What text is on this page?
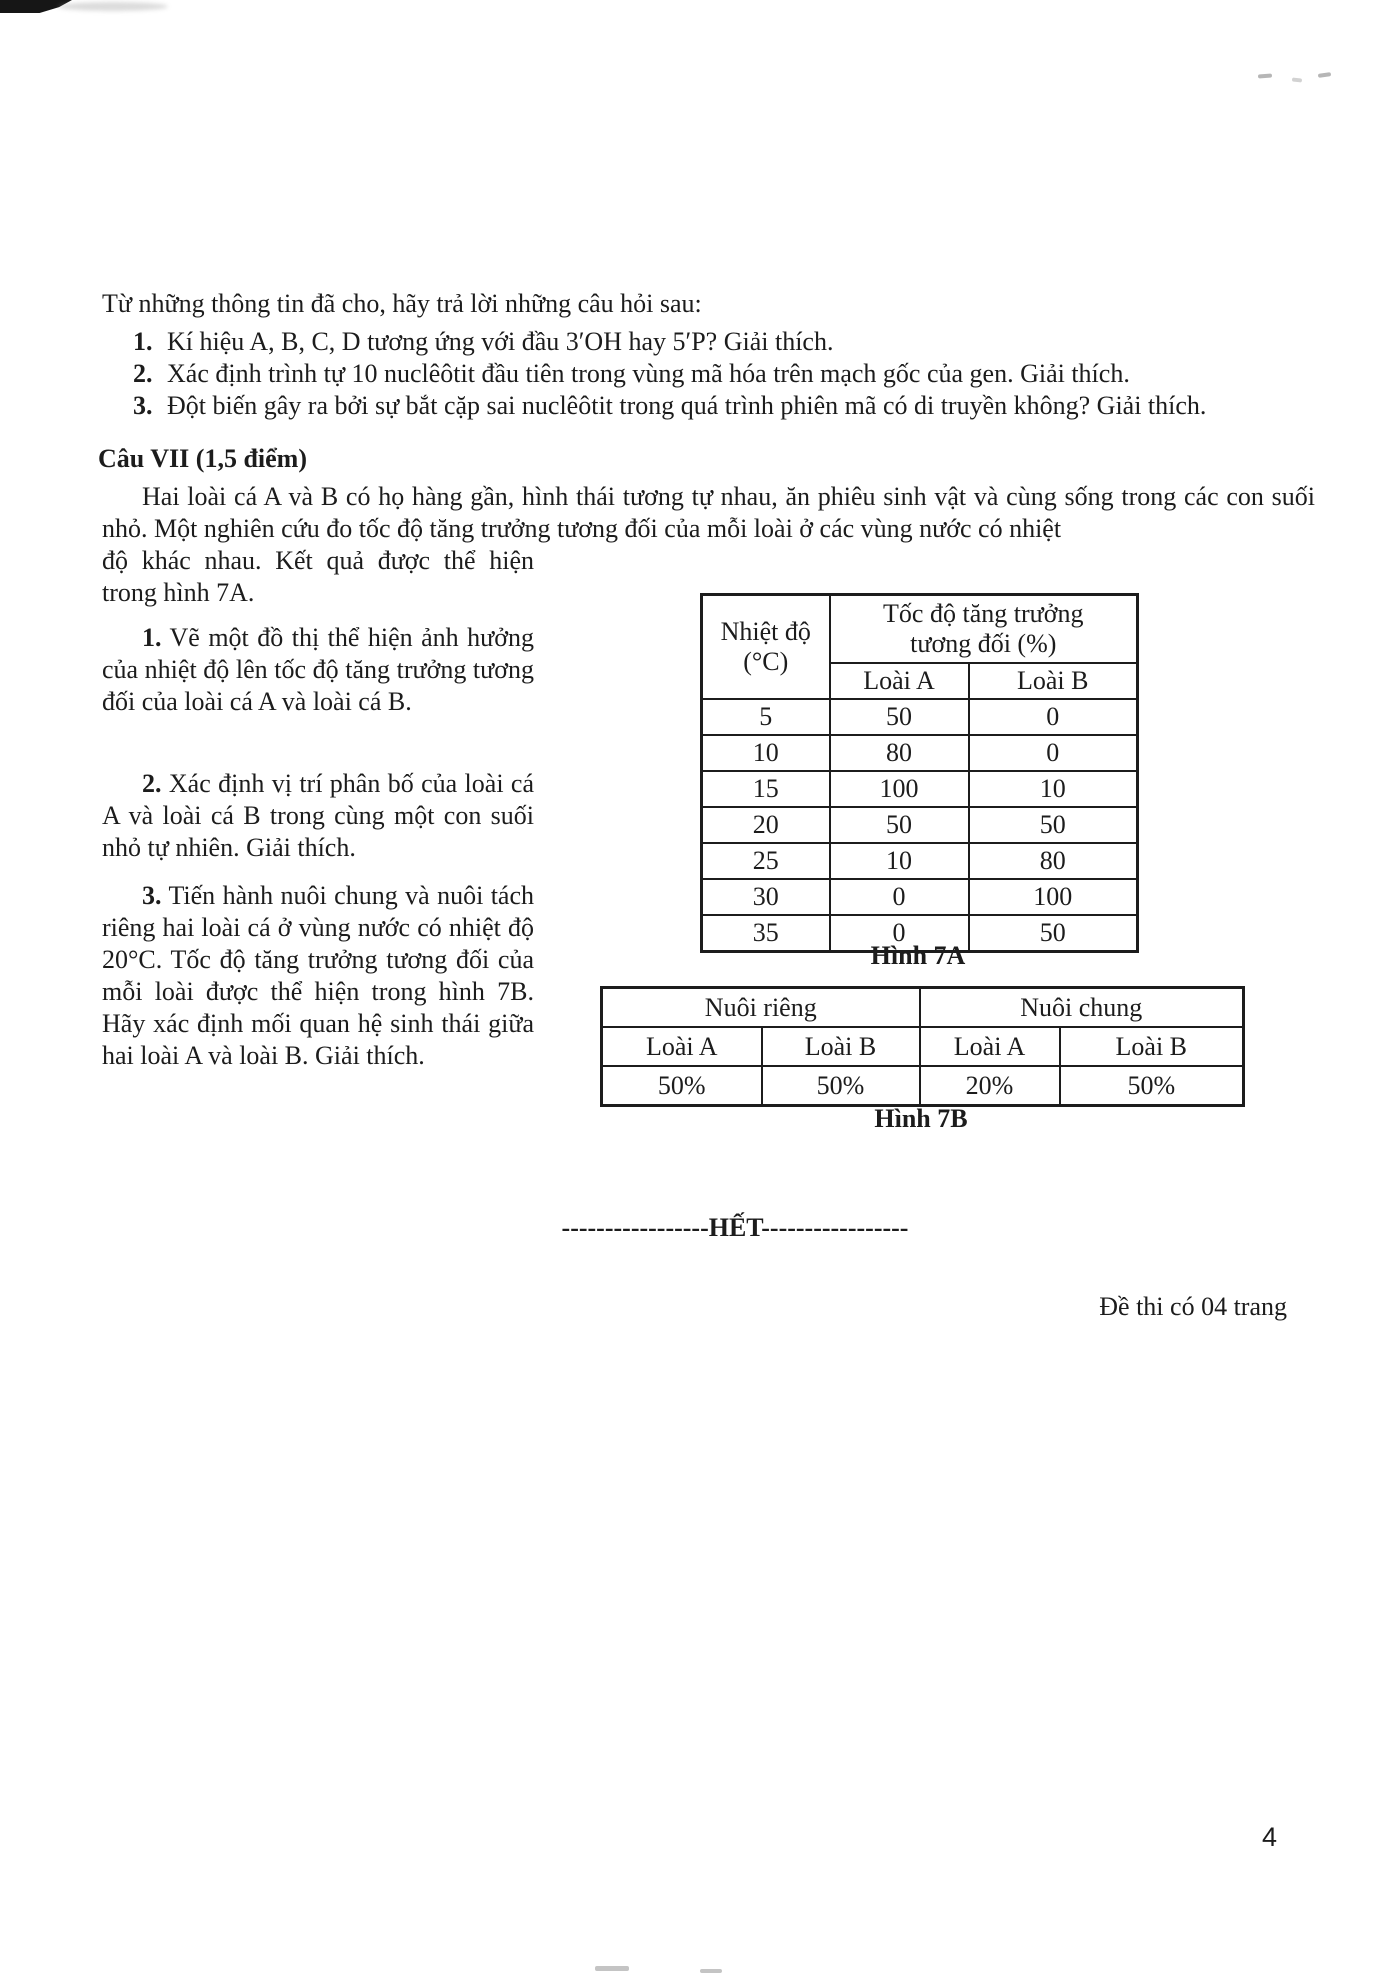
Từ những thông tin đã cho, hãy trả lời những câu hỏi sau:
1. Kí hiệu A, B, C, D tương ứng với đầu 3′OH hay 5′P? Giải thích.
2. Xác định trình tự 10 nuclêôtit đầu tiên trong vùng mã hóa trên mạch gốc của gen. Giải thích.
3. Đột biến gây ra bởi sự bắt cặp sai nuclêôtit trong quá trình phiên mã có di truyền không? Giải thích.
Câu VII (1,5 điểm)
Hai loài cá A và B có họ hàng gần, hình thái tương tự nhau, ăn phiêu sinh vật và cùng sống trong các con suối nhỏ. Một nghiên cứu đo tốc độ tăng trưởng tương đối của mỗi loài ở các vùng nước có nhiệt
độ khác nhau. Kết quả được thể hiện trong hình 7A.
1. Vẽ một đồ thị thể hiện ảnh hưởng của nhiệt độ lên tốc độ tăng trưởng tương đối của loài cá A và loài cá B.
2. Xác định vị trí phân bố của loài cá A và loài cá B trong cùng một con suối nhỏ tự nhiên. Giải thích.
3. Tiến hành nuôi chung và nuôi tách riêng hai loài cá ở vùng nước có nhiệt độ 20°C. Tốc độ tăng trưởng tương đối của mỗi loài được thể hiện trong hình 7B. Hãy xác định mối quan hệ sinh thái giữa hai loài A và loài B. Giải thích.
Nhiệt độ
(°C)	Tốc độ tăng trưởng
tương đối (%)	

	Loài A	Loài B
5	50	0
10	80	0
15	100	10
20	50	50
25	10	80
30	0	100
35	0	50
Hình 7A
Nuôi riêng		Nuôi chung	
Loài A	Loài B	Loài A	Loài B
50%	50%	20%	50%
Hình 7B
-----------------HẾT-----------------
Đề thi có 04 trang
4
